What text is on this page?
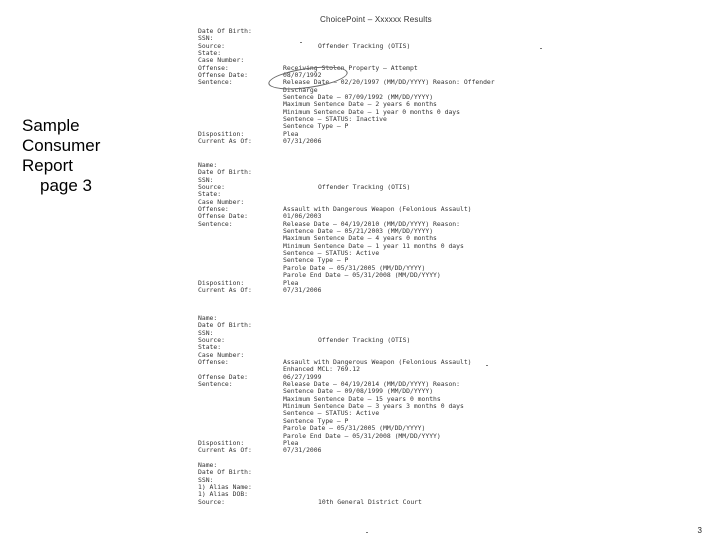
Sample
Consumer
Report
page 3
ChoicePoint – Xxxxxx Results
Date Of Birth:
SSN:
Source:	Offender Tracking (OTIS)
State:
Case Number:
Offense:	Receiving Stolen Property – Attempt
Offense Date:	08/07/1992
Sentence:	Release Date – 02/20/1997 (MM/DD/YYYY) Reason: Offender
Discharge
Sentence Date – 07/09/1992 (MM/DD/YYYY)
Maximum Sentence Date – 2 years 6 months
Minimum Sentence Date – 1 year 0 months 0 days
Sentence – STATUS: Inactive
Sentence Type – P
Disposition:	Plea
Current As Of:	07/31/2006
Name:
Date Of Birth:
SSN:
Source:	Offender Tracking (OTIS)
State:
Case Number:
Offense:	Assault with Dangerous Weapon (Felonious Assault)
Offense Date:	01/06/2003
Sentence:	Release Date – 04/19/2010 (MM/DD/YYYY) Reason:
Sentence Date – 05/21/2003 (MM/DD/YYYY)
Maximum Sentence Date – 4 years 0 months
Minimum Sentence Date – 1 year 11 months 0 days
Sentence – STATUS: Active
Sentence Type – P
Parole Date – 05/31/2005 (MM/DD/YYYY)
Parole End Date – 05/31/2008 (MM/DD/YYYY)
Disposition:	Plea
Current As Of:	07/31/2006
Name:
Date Of Birth:
SSN:
Source:	Offender Tracking (OTIS)
State:
Case Number:
Offense:	Assault with Dangerous Weapon (Felonious Assault)
Enhanced MCL: 769.12
Offense Date:	06/27/1999
Sentence:	Release Date – 04/19/2014 (MM/DD/YYYY) Reason:
Sentence Date – 09/08/1999 (MM/DD/YYYY)
Maximum Sentence Date – 15 years 0 months
Minimum Sentence Date – 3 years 3 months 0 days
Sentence – STATUS: Active
Sentence Type – P
Parole Date – 05/31/2005 (MM/DD/YYYY)
Parole End Date – 05/31/2008 (MM/DD/YYYY)
Disposition:	Plea
Current As Of:	07/31/2006
Name:
Date Of Birth:
SSN:
1) Alias Name:
1) Alias DOB:
Source:	10th General District Court
3
